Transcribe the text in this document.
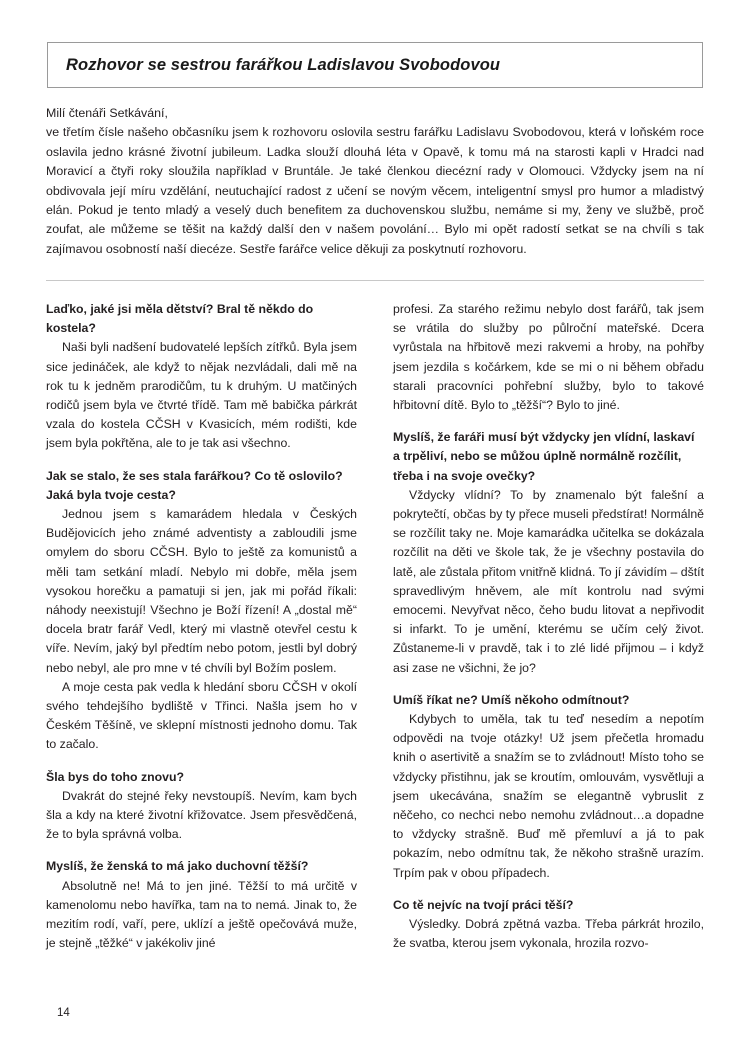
Rozhovor se sestrou farářkou Ladislavou Svobodovou

Milí čtenáři Setkávání,

ve třetím čísle našeho občasníku jsem k rozhovoru oslovila sestru farářku Ladislavu Svobodovou, která v loňském roce oslavila jedno krásné životní jubileum. Ladka slouží dlouhá léta v Opavě, k tomu má na starosti kapli v Hradci nad Moravicí a čtyři roky sloužila například v Bruntále. Je také členkou diecézní rady v Olomouci. Vždycky jsem na ní obdivovala její míru vzdělání, neutuchající radost z učení se novým věcem, inteligentní smysl pro humor a mladistvý elán. Pokud je tento mladý a veselý duch benefitem za duchovenskou službu, nemáme si my, ženy ve službě, proč zoufat, ale můžeme se těšit na každý další den v našem povolání… Bylo mi opět radostí setkat se na chvíli s tak zajímavou osobností naší diecéze. Sestře farářce velice děkuji za poskytnutí rozhovoru.

Laďko, jaké jsi měla dětství? Bral tě někdo do kostela?

Naši byli nadšení budovatelé lepších zítřků. Byla jsem sice jedináček, ale když to nějak nezvládali, dali mě na rok tu k jedněm prarodičům, tu k druhým. U matčiných rodičů jsem byla ve čtvrté třídě. Tam mě babička párkrát vzala do kostela CČSH v Kvasicích, mém rodišti, kde jsem byla pokřtěna, ale to je tak asi všechno.

Jak se stalo, že ses stala farářkou? Co tě oslovilo? Jaká byla tvoje cesta?

Jednou jsem s kamarádem hledala v Českých Budějovicích jeho známé adventisty a zabloudili jsme omylem do sboru CČSH. Bylo to ještě za komunistů a měli tam setkání mladí. Nebylo mi dobře, měla jsem vysokou horečku a pamatuji si jen, jak mi pořád říkali: náhody neexistují! Všechno je Boží řízení! A „dostal mě“ docela bratr farář Vedl, který mi vlastně otevřel cestu k víře. Nevím, jaký byl předtím nebo potom, jestli byl dobrý nebo nebyl, ale pro mne v té chvíli byl Božím poslem.

A moje cesta pak vedla k hledání sboru CČSH v okolí svého tehdejšího bydliště v Třinci. Našla jsem ho v Českém Těšíně, ve sklepní místnosti jednoho domu. Tak to začalo.

Šla bys do toho znovu?

Dvakrát do stejné řeky nevstoupíš. Nevím, kam bych šla a kdy na které životní křižovatce. Jsem přesvědčená, že to byla správná volba.

Myslíš, že ženská to má jako duchovní těžší?

Absolutně ne! Má to jen jiné. Těžší to má určitě v kamenolomu nebo havířka, tam na to nemá. Jinak to, že mezitím rodí, vaří, pere, uklízí a ještě opečovává muže, je stejně „těžké“ v jakékoliv jiné

profesi. Za starého režimu nebylo dost farářů, tak jsem se vrátila do služby po půlroční mateřské. Dcera vyrůstala na hřbitově mezi rakvemi a hroby, na pohřby jsem jezdila s kočárkem, kde se mi o ni během obřadu starali pracovníci pohřební služby, bylo to takové hřbitovní dítě. Bylo to „těžší“? Bylo to jiné.

Myslíš, že faráři musí být vždycky jen vlídní, laskaví a trpěliví, nebo se můžou úplně normálně rozčílit, třeba i na svoje ovečky?

Vždycky vlídní? To by znamenalo být falešní a pokrytečtí, občas by ty přece museli předstírat! Normálně se rozčílit taky ne. Moje kamarádka učitelka se dokázala rozčílit na děti ve škole tak, že je všechny postavila do latě, ale zůstala přitom vnitřně klidná. To jí závidím – dštít spravedlivým hněvem, ale mít kontrolu nad svými emocemi. Nevyřvat něco, čeho budu litovat a nepřivodit si infarkt. To je umění, kterému se učím celý život. Zůstaneme-li v pravdě, tak i to zlé lidé přijmou – i když asi zase ne všichni, že jo?

Umíš říkat ne? Umíš někoho odmítnout?

Kdybych to uměla, tak tu teď nesedím a nepotím odpovědi na tvoje otázky! Už jsem přečetla hromadu knih o asertivitě a snažím se to zvládnout! Místo toho se vždycky přistihnu, jak se kroutím, omlouvám, vysvětluji a jsem ukecávána, snažím se elegantně vybruslit z něčeho, co nechci nebo nemohu zvládnout…a dopadne to vždycky strašně. Buď mě přemluví a já to pak pokazím, nebo odmítnu tak, že někoho strašně urazím. Trpím pak v obou případech.

Co tě nejvíc na tvojí práci těší?

Výsledky. Dobrá zpětná vazba. Třeba párkrát hrozilo, že svatba, kterou jsem vykonala, hrozila rozvo-

14
